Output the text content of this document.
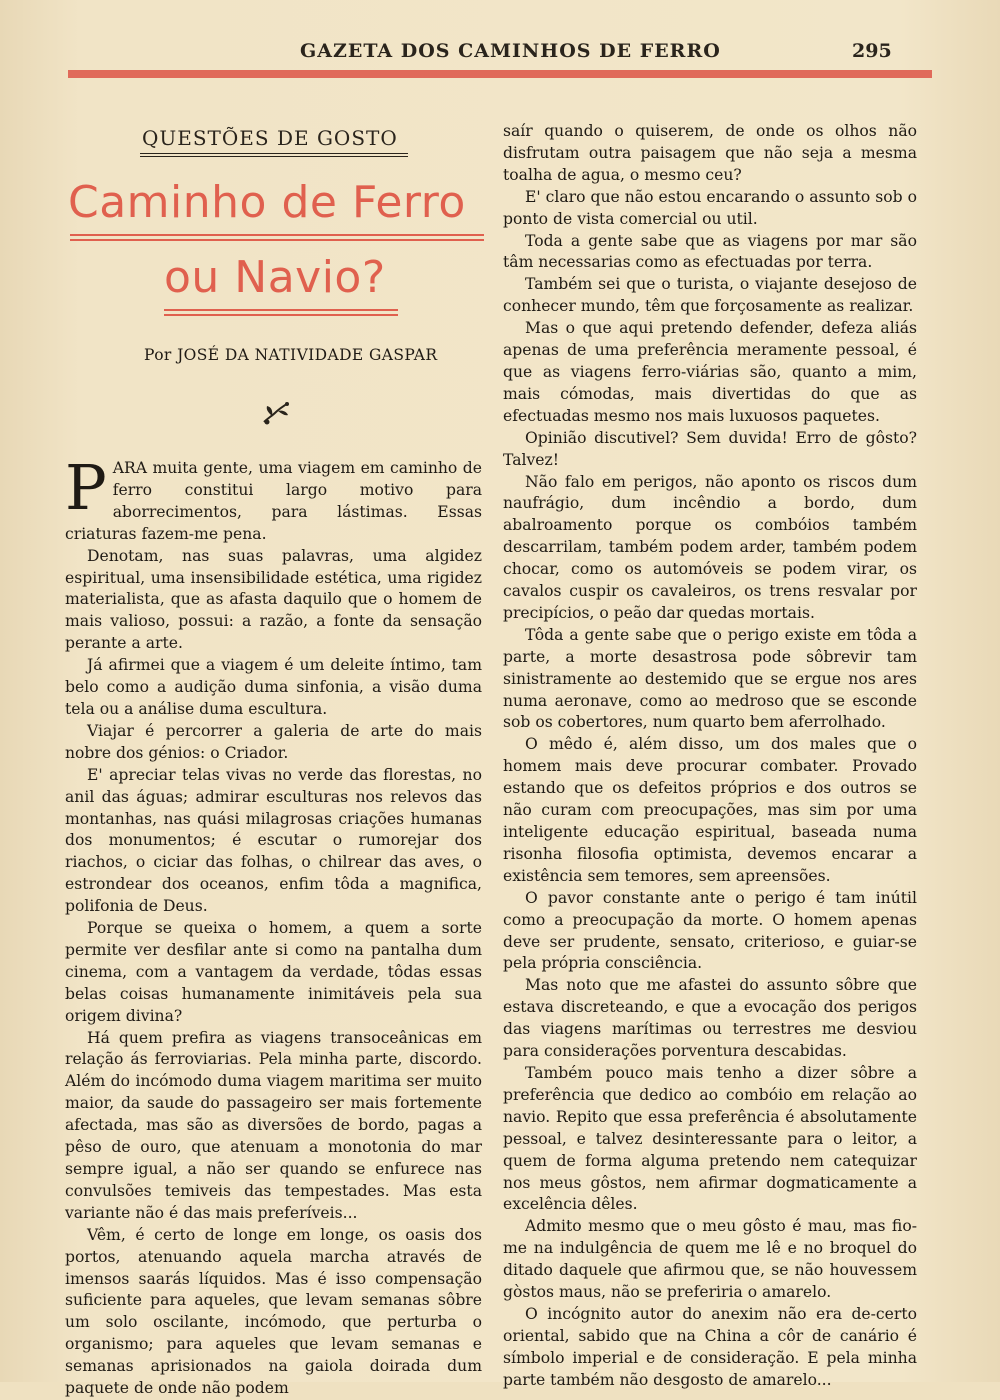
GAZETA DOS CAMINHOS DE FERRO	295
QUESTÕES DE GOSTO
Caminho de Ferro
ou Navio?
Por JOSÉ DA NATIVIDADE GASPAR

PARA muita gente, uma viagem em caminho de ferro constitui largo motivo para aborrecimentos, para lástimas. Essas criaturas fazem-me pena.

Denotam, nas suas palavras, uma algidez espiritual, uma insensibilidade estética, uma rigidez materialista, que as afasta daquilo que o homem de mais valioso, possui: a razão, a fonte da sensação perante a arte.

Já afirmei que a viagem é um deleite íntimo, tam belo como a audição duma sinfonia, a visão duma tela ou a análise duma escultura.

Viajar é percorrer a galeria de arte do mais nobre dos génios: o Criador.

E' apreciar telas vivas no verde das florestas, no anil das águas; admirar esculturas nos relevos das montanhas, nas quási milagrosas criações humanas dos monumentos; é escutar o rumorejar dos riachos, o ciciar das folhas, o chilrear das aves, o estrondear dos oceanos, enfim tôda a magnifica, polifonia de Deus.

Porque se queixa o homem, a quem a sorte permite ver desfilar ante si como na pantalha dum cinema, com a vantagem da verdade, tôdas essas belas coisas humanamente inimitáveis pela sua origem divina?

Há quem prefira as viagens transoceânicas em relação ás ferroviarias. Pela minha parte, discordo. Além do incómodo duma viagem maritima ser muito maior, da saude do passageiro ser mais fortemente afectada, mas são as diversões de bordo, pagas a pêso de ouro, que atenuam a monotonia do mar sempre igual, a não ser quando se enfurece nas convulsões temiveis das tempestades. Mas esta variante não é das mais preferíveis...

Vêm, é certo de longe em longe, os oasis dos portos, atenuando aquela marcha através de imensos saarás líquidos. Mas é isso compensação suficiente para aqueles, que levam semanas sôbre um solo oscilante, incómodo, que perturba o organismo; para aqueles que levam semanas e semanas aprisionados na gaiola doirada dum paquete de onde não podem

saír quando o quiserem, de onde os olhos não disfrutam outra paisagem que não seja a mesma toalha de agua, o mesmo ceu?

E' claro que não estou encarando o assunto sob o ponto de vista comercial ou util.

Toda a gente sabe que as viagens por mar são tâm necessarias como as efectuadas por terra.

Também sei que o turista, o viajante desejoso de conhecer mundo, têm que forçosamente as realizar.

Mas o que aqui pretendo defender, defeza aliás apenas de uma preferência meramente pessoal, é que as viagens ferro-viárias são, quanto a mim, mais cómodas, mais divertidas do que as efectuadas mesmo nos mais luxuosos paquetes.

Opinião discutivel? Sem duvida! Erro de gôsto? Talvez!

Não falo em perigos, não aponto os riscos dum naufrágio, dum incêndio a bordo, dum abalroamento porque os combóios também descarrilam, também podem arder, também podem chocar, como os automóveis se podem virar, os cavalos cuspir os cavaleiros, os trens resvalar por precipícios, o peão dar quedas mortais.

Tôda a gente sabe que o perigo existe em tôda a parte, a morte desastrosa pode sôbrevir tam sinistramente ao destemido que se ergue nos ares numa aeronave, como ao medroso que se esconde sob os cobertores, num quarto bem aferrolhado.

O mêdo é, além disso, um dos males que o homem mais deve procurar combater. Provado estando que os defeitos próprios e dos outros se não curam com preocupações, mas sim por uma inteligente educação espiritual, baseada numa risonha filosofia optimista, devemos encarar a existência sem temores, sem apreensões.

O pavor constante ante o perigo é tam inútil como a preocupação da morte. O homem apenas deve ser prudente, sensato, criterioso, e guiar-se pela própria consciência.

Mas noto que me afastei do assunto sôbre que estava discreteando, e que a evocação dos perigos das viagens marítimas ou terrestres me desviou para considerações porventura descabidas.

Também pouco mais tenho a dizer sôbre a preferência que dedico ao combóio em relação ao navio. Repito que essa preferência é absolutamente pessoal, e talvez desinteressante para o leitor, a quem de forma alguma pretendo nem catequizar nos meus gôstos, nem afirmar dogmaticamente a excelência dêles.

Admito mesmo que o meu gôsto é mau, mas fio-me na indulgência de quem me lê e no broquel do ditado daquele que afirmou que, se não houvessem gòstos maus, não se preferiria o amarelo.

O incógnito autor do anexim não era de-certo oriental, sabido que na China a côr de canário é símbolo imperial e de consideração. E pela minha parte também não desgosto de amarelo...
